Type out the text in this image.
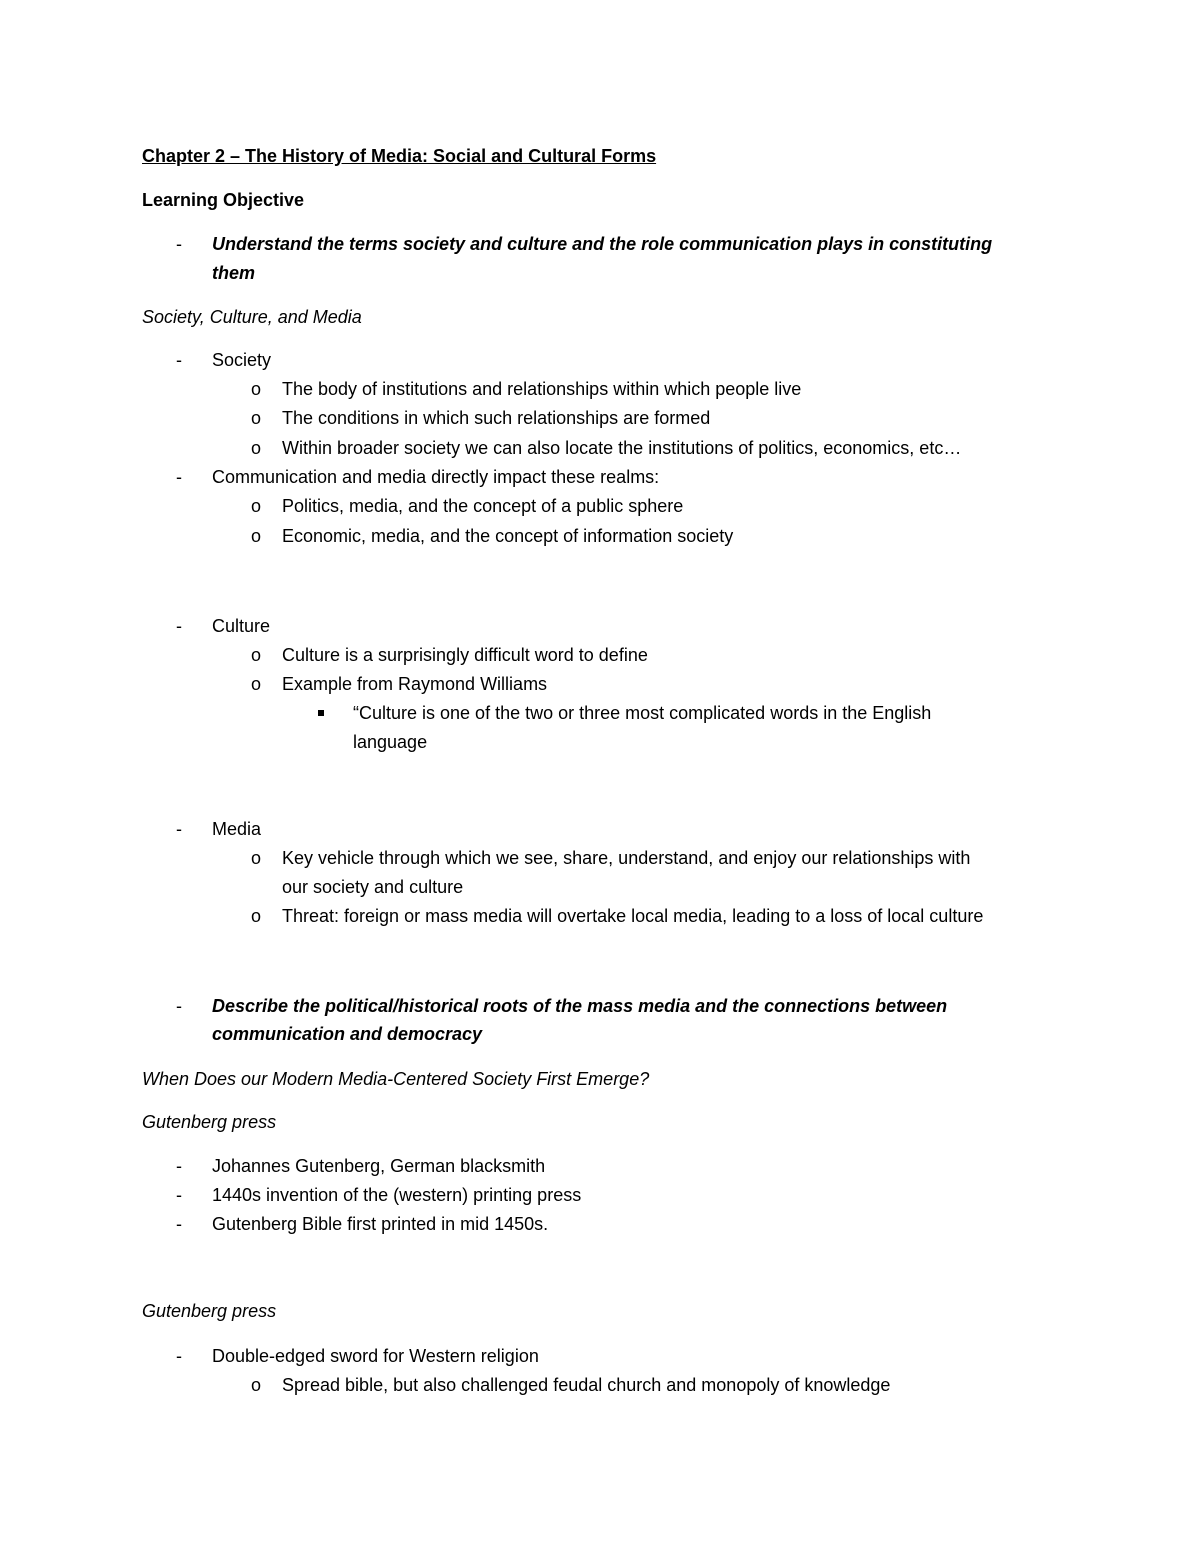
Chapter 2 – The History of Media: Social and Cultural Forms
Learning Objective
- Understand the terms society and culture and the role communication plays in constituting
them
Society, Culture, and Media
- Society
o The body of institutions and relationships within which people live
o The conditions in which such relationships are formed
o Within broader society we can also locate the institutions of politics, economics, etc…
- Communication and media directly impact these realms:
o Politics, media, and the concept of a public sphere
o Economic, media, and the concept of information society
- Culture
o Culture is a surprisingly difficult word to define
o Example from Raymond Williams
“Culture is one of the two or three most complicated words in the English
language
- Media
o Key vehicle through which we see, share, understand, and enjoy our relationships with
our society and culture
o Threat: foreign or mass media will overtake local media, leading to a loss of local culture
- Describe the political/historical roots of the mass media and the connections between
communication and democracy
When Does our Modern Media-Centered Society First Emerge?
Gutenberg press
- Johannes Gutenberg, German blacksmith
- 1440s invention of the (western) printing press
- Gutenberg Bible first printed in mid 1450s.
Gutenberg press
- Double-edged sword for Western religion
o Spread bible, but also challenged feudal church and monopoly of knowledge
